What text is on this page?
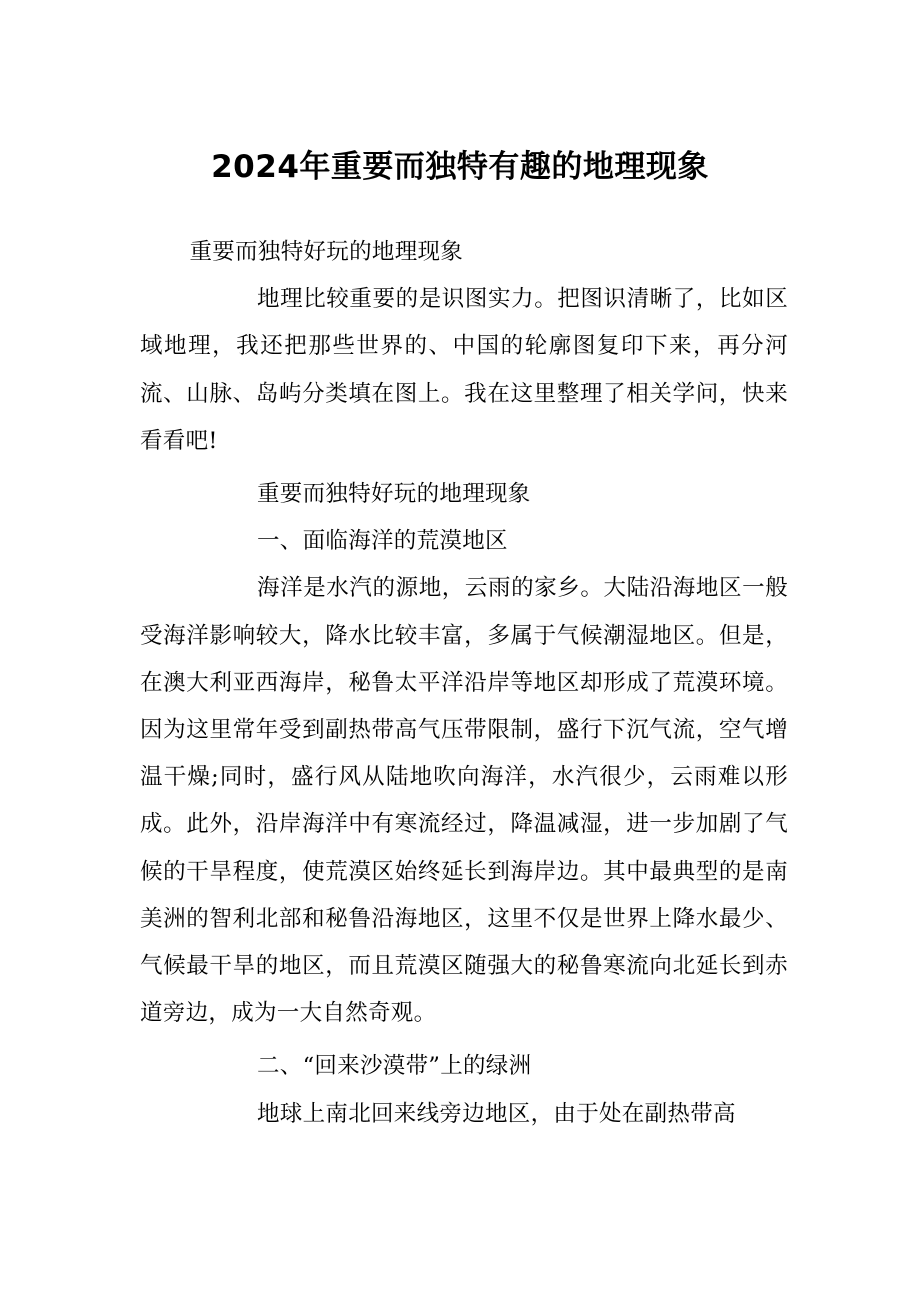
2024年重要而独特有趣的地理现象

重要而独特好玩的地理现象

地理比较重要的是识图实力。把图识清晰了，比如区域地理，我还把那些世界的、中国的轮廓图复印下来，再分河流、山脉、岛屿分类填在图上。我在这里整理了相关学问，快来看看吧!

重要而独特好玩的地理现象

一、面临海洋的荒漠地区

海洋是水汽的源地，云雨的家乡。大陆沿海地区一般受海洋影响较大，降水比较丰富，多属于气候潮湿地区。但是，在澳大利亚西海岸，秘鲁太平洋沿岸等地区却形成了荒漠环境。因为这里常年受到副热带高气压带限制，盛行下沉气流，空气增温干燥;同时，盛行风从陆地吹向海洋，水汽很少，云雨难以形成。此外，沿岸海洋中有寒流经过，降温减湿，进一步加剧了气候的干旱程度，使荒漠区始终延长到海岸边。其中最典型的是南美洲的智利北部和秘鲁沿海地区，这里不仅是世界上降水最少、气候最干旱的地区，而且荒漠区随强大的秘鲁寒流向北延长到赤道旁边，成为一大自然奇观。

二、“回来沙漠带”上的绿洲

地球上南北回来线旁边地区，由于处在副热带高
